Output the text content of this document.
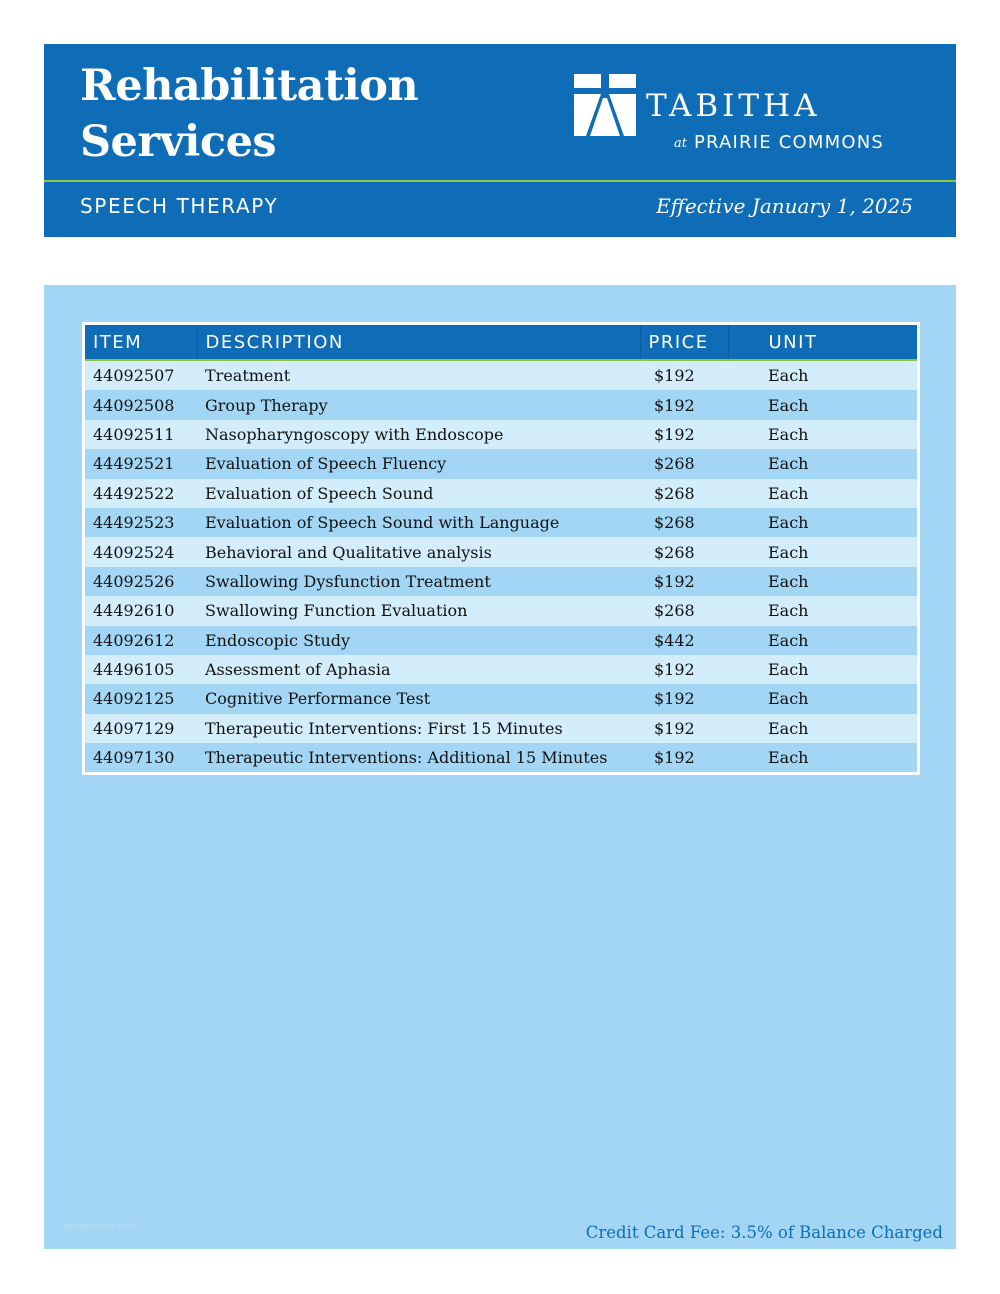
Rehabilitation
Services
TABITHA
at PRAIRIE COMMONS
SPEECH THERAPY	Effective January 1, 2025
ITEM	DESCRIPTION	PRICE	UNIT
44092507	Treatment	$192	Each
44092508	Group Therapy	$192	Each
44092511	Nasopharyngoscopy with Endoscope	$192	Each
44492521	Evaluation of Speech Fluency	$268	Each
44492522	Evaluation of Speech Sound	$268	Each
44492523	Evaluation of Speech Sound with Language	$268	Each
44092524	Behavioral and Qualitative analysis	$268	Each
44092526	Swallowing Dysfunction Treatment	$192	Each
44492610	Swallowing Function Evaluation	$268	Each
44092612	Endoscopic Study	$442	Each
44496105	Assessment of Aphasia	$192	Each
44092125	Cognitive Performance Test	$192	Each
44097129	Therapeutic Interventions: First 15 Minutes	$192	Each
44097130	Therapeutic Interventions: Additional 15 Minutes	$192	Each
REHAB/SLP/01 2025	Credit Card Fee: 3.5% of Balance Charged
